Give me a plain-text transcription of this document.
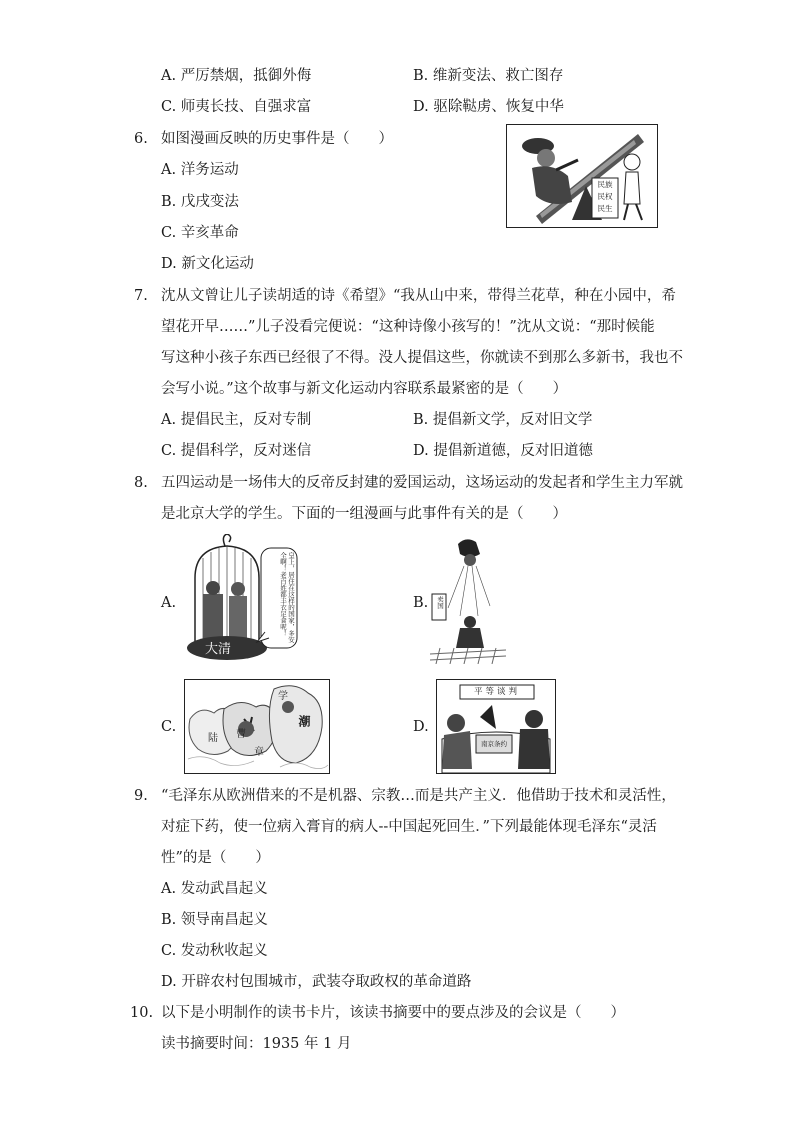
A. 严厉禁烟，抵御外侮	B. 维新变法、救亡图存
C. 师夷长技、自强求富	D. 驱除鞑虏、恢复中华
6. 如图漫画反映的历史事件是（　　）
A. 洋务运动
B. 戊戌变法
C. 辛亥革命
D. 新文化运动
民族
民权
民生
7. 沈从文曾让儿子读胡适的诗《希望》“我从山中来，带得兰花草，种在小园中，希
望花开早……”儿子没看完便说：“这种诗像小孩写的！”沈从文说：“那时候能
写这种小孩子东西已经很了不得。没人提倡这些，你就读不到那么多新书，我也不
会写小说。”这个故事与新文化运动内容联系最紧密的是（　　）
A. 提倡民主，反对专制	B. 提倡新文学，反对旧文学
C. 提倡科学，反对迷信	D. 提倡新道德，反对旧道德
8. 五四运动是一场伟大的反帝反封建的爱国运动，这场运动的发起者和学生主力军就
是北京大学的学生。下面的一组漫画与此事件有关的是（　　）
A.	B.
C.	D.
大清
皇上，居住在这样的国家，多安全啊！老百姓都丰衣足食呢！	卖国
学
曹
陆
章
潮
平等谈判
南京条约
9. “毛泽东从欧洲借来的不是机器、宗教…而是共产主义．他借助于技术和灵活性，
对症下药，使一位病入膏肓的病人--中国起死回生．”下列最能体现毛泽东“灵活
性”的是（　　）
A. 发动武昌起义
B. 领导南昌起义
C. 发动秋收起义
D. 开辟农村包围城市，武装夺取政权的革命道路
10. 以下是小明制作的读书卡片，该读书摘要中的要点涉及的会议是（　　）
读书摘要时间：1935 年 1 月
